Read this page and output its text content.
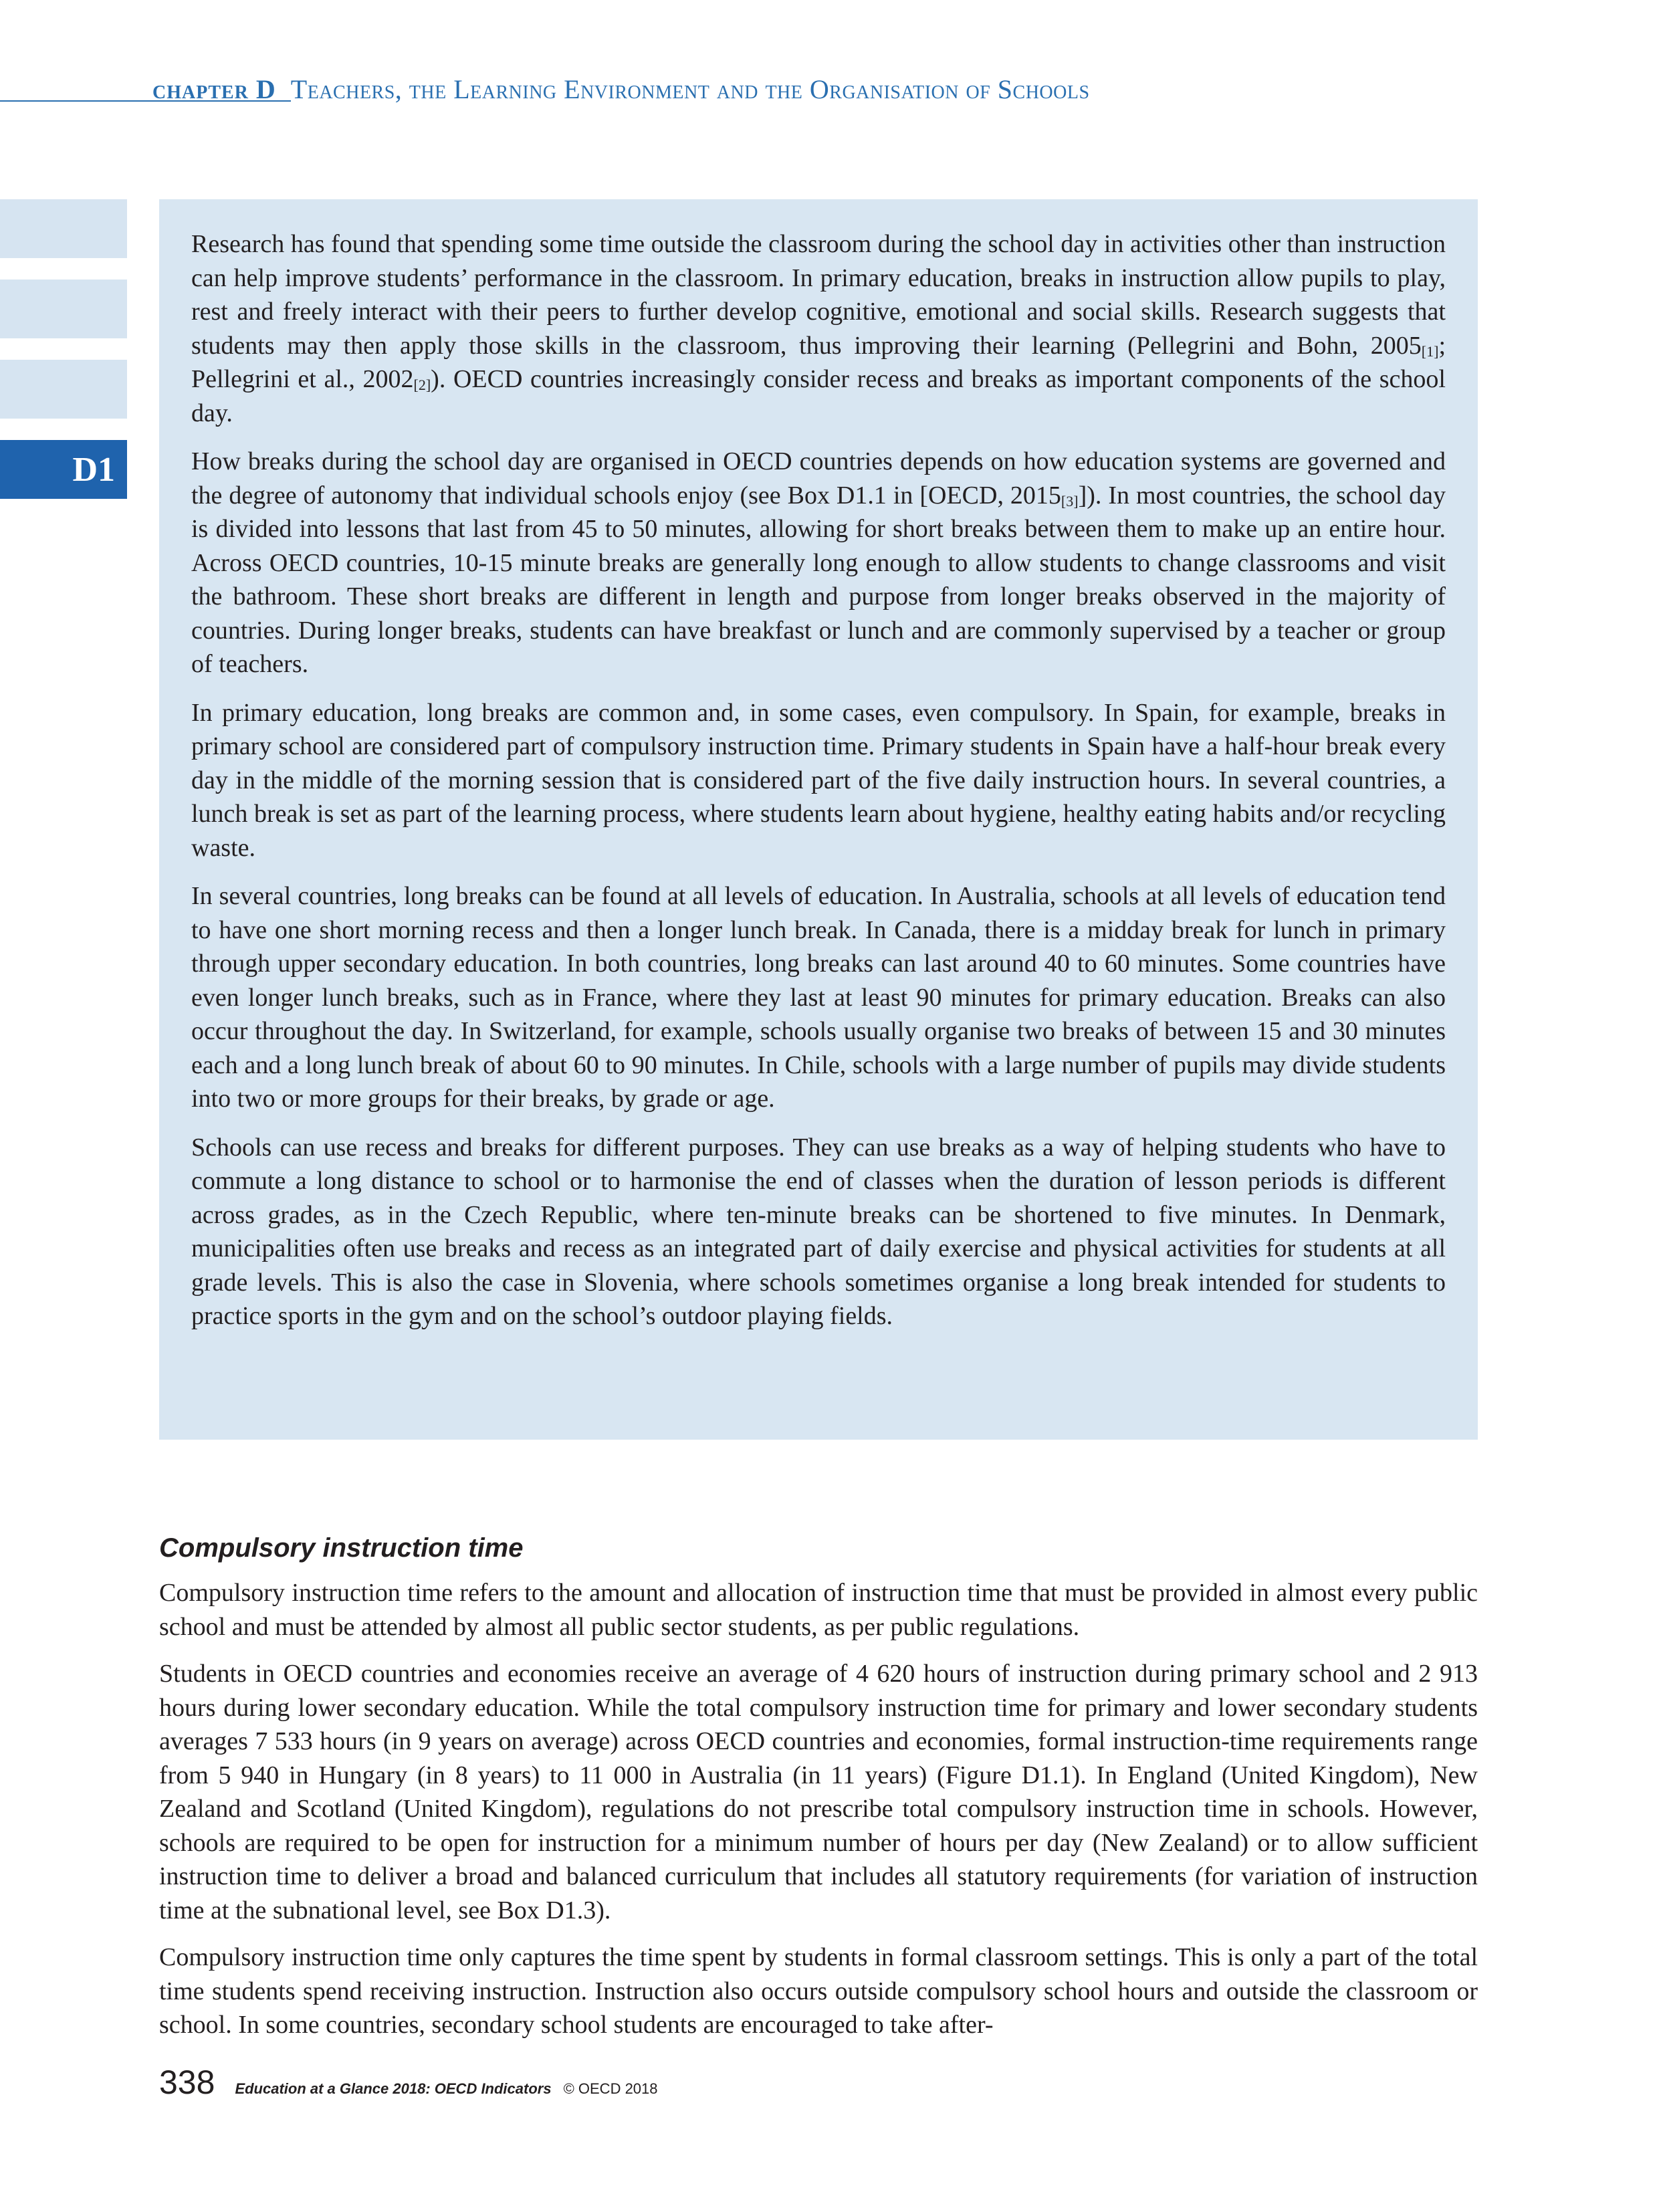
chapter D Teachers, the Learning Environment and the Organisation of Schools
D1

Research has found that spending some time outside the classroom during the school day in activities other than instruction can help improve students’ performance in the classroom. In primary education, breaks in instruction allow pupils to play, rest and freely interact with their peers to further develop cognitive, emotional and social skills. Research suggests that students may then apply those skills in the classroom, thus improving their learning (Pellegrini and Bohn, $2005_{[1]}$; Pellegrini et al., $2002_{[2]}$). OECD countries increasingly consider recess and breaks as important components of the school day.

How breaks during the school day are organised in OECD countries depends on how education systems are governed and the degree of autonomy that individual schools enjoy (see Box D1.1 in [OECD, $2015_{[3]}$]). In most countries, the school day is divided into lessons that last from 45 to 50 minutes, allowing for short breaks between them to make up an entire hour. Across OECD countries, 10-15 minute breaks are generally long enough to allow students to change classrooms and visit the bathroom. These short breaks are different in length and purpose from longer breaks observed in the majority of countries. During longer breaks, students can have breakfast or lunch and are commonly supervised by a teacher or group of teachers.

In primary education, long breaks are common and, in some cases, even compulsory. In Spain, for example, breaks in primary school are considered part of compulsory instruction time. Primary students in Spain have a half-hour break every day in the middle of the morning session that is considered part of the five daily instruction hours. In several countries, a lunch break is set as part of the learning process, where students learn about hygiene, healthy eating habits and/or recycling waste.

In several countries, long breaks can be found at all levels of education. In Australia, schools at all levels of education tend to have one short morning recess and then a longer lunch break. In Canada, there is a midday break for lunch in primary through upper secondary education. In both countries, long breaks can last around 40 to 60 minutes. Some countries have even longer lunch breaks, such as in France, where they last at least 90 minutes for primary education. Breaks can also occur throughout the day. In Switzerland, for example, schools usually organise two breaks of between 15 and 30 minutes each and a long lunch break of about 60 to 90 minutes. In Chile, schools with a large number of pupils may divide students into two or more groups for their breaks, by grade or age.

Schools can use recess and breaks for different purposes. They can use breaks as a way of helping students who have to commute a long distance to school or to harmonise the end of classes when the duration of lesson periods is different across grades, as in the Czech Republic, where ten-minute breaks can be shortened to five minutes. In Denmark, municipalities often use breaks and recess as an integrated part of daily exercise and physical activities for students at all grade levels. This is also the case in Slovenia, where schools sometimes organise a long break intended for students to practice sports in the gym and on the school’s outdoor playing fields.

Compulsory instruction time

Compulsory instruction time refers to the amount and allocation of instruction time that must be provided in almost every public school and must be attended by almost all public sector students, as per public regulations.

Students in OECD countries and economies receive an average of 4 620 hours of instruction during primary school and 2 913 hours during lower secondary education. While the total compulsory instruction time for primary and lower secondary students averages 7 533 hours (in 9 years on average) across OECD countries and economies, formal instruction-time requirements range from 5 940 in Hungary (in 8 years) to 11 000 in Australia (in 11 years) (Figure D1.1). In England (United Kingdom), New Zealand and Scotland (United Kingdom), regulations do not prescribe total compulsory instruction time in schools. However, schools are required to be open for instruction for a minimum number of hours per day (New Zealand) or to allow sufficient instruction time to deliver a broad and balanced curriculum that includes all statutory requirements (for variation of instruction time at the subnational level, see Box D1.3).

Compulsory instruction time only captures the time spent by students in formal classroom settings. This is only a part of the total time students spend receiving instruction. Instruction also occurs outside compulsory school hours and outside the classroom or school. In some countries, secondary school students are encouraged to take after-

338 Education at a Glance 2018: OECD Indicators © OECD 2018
